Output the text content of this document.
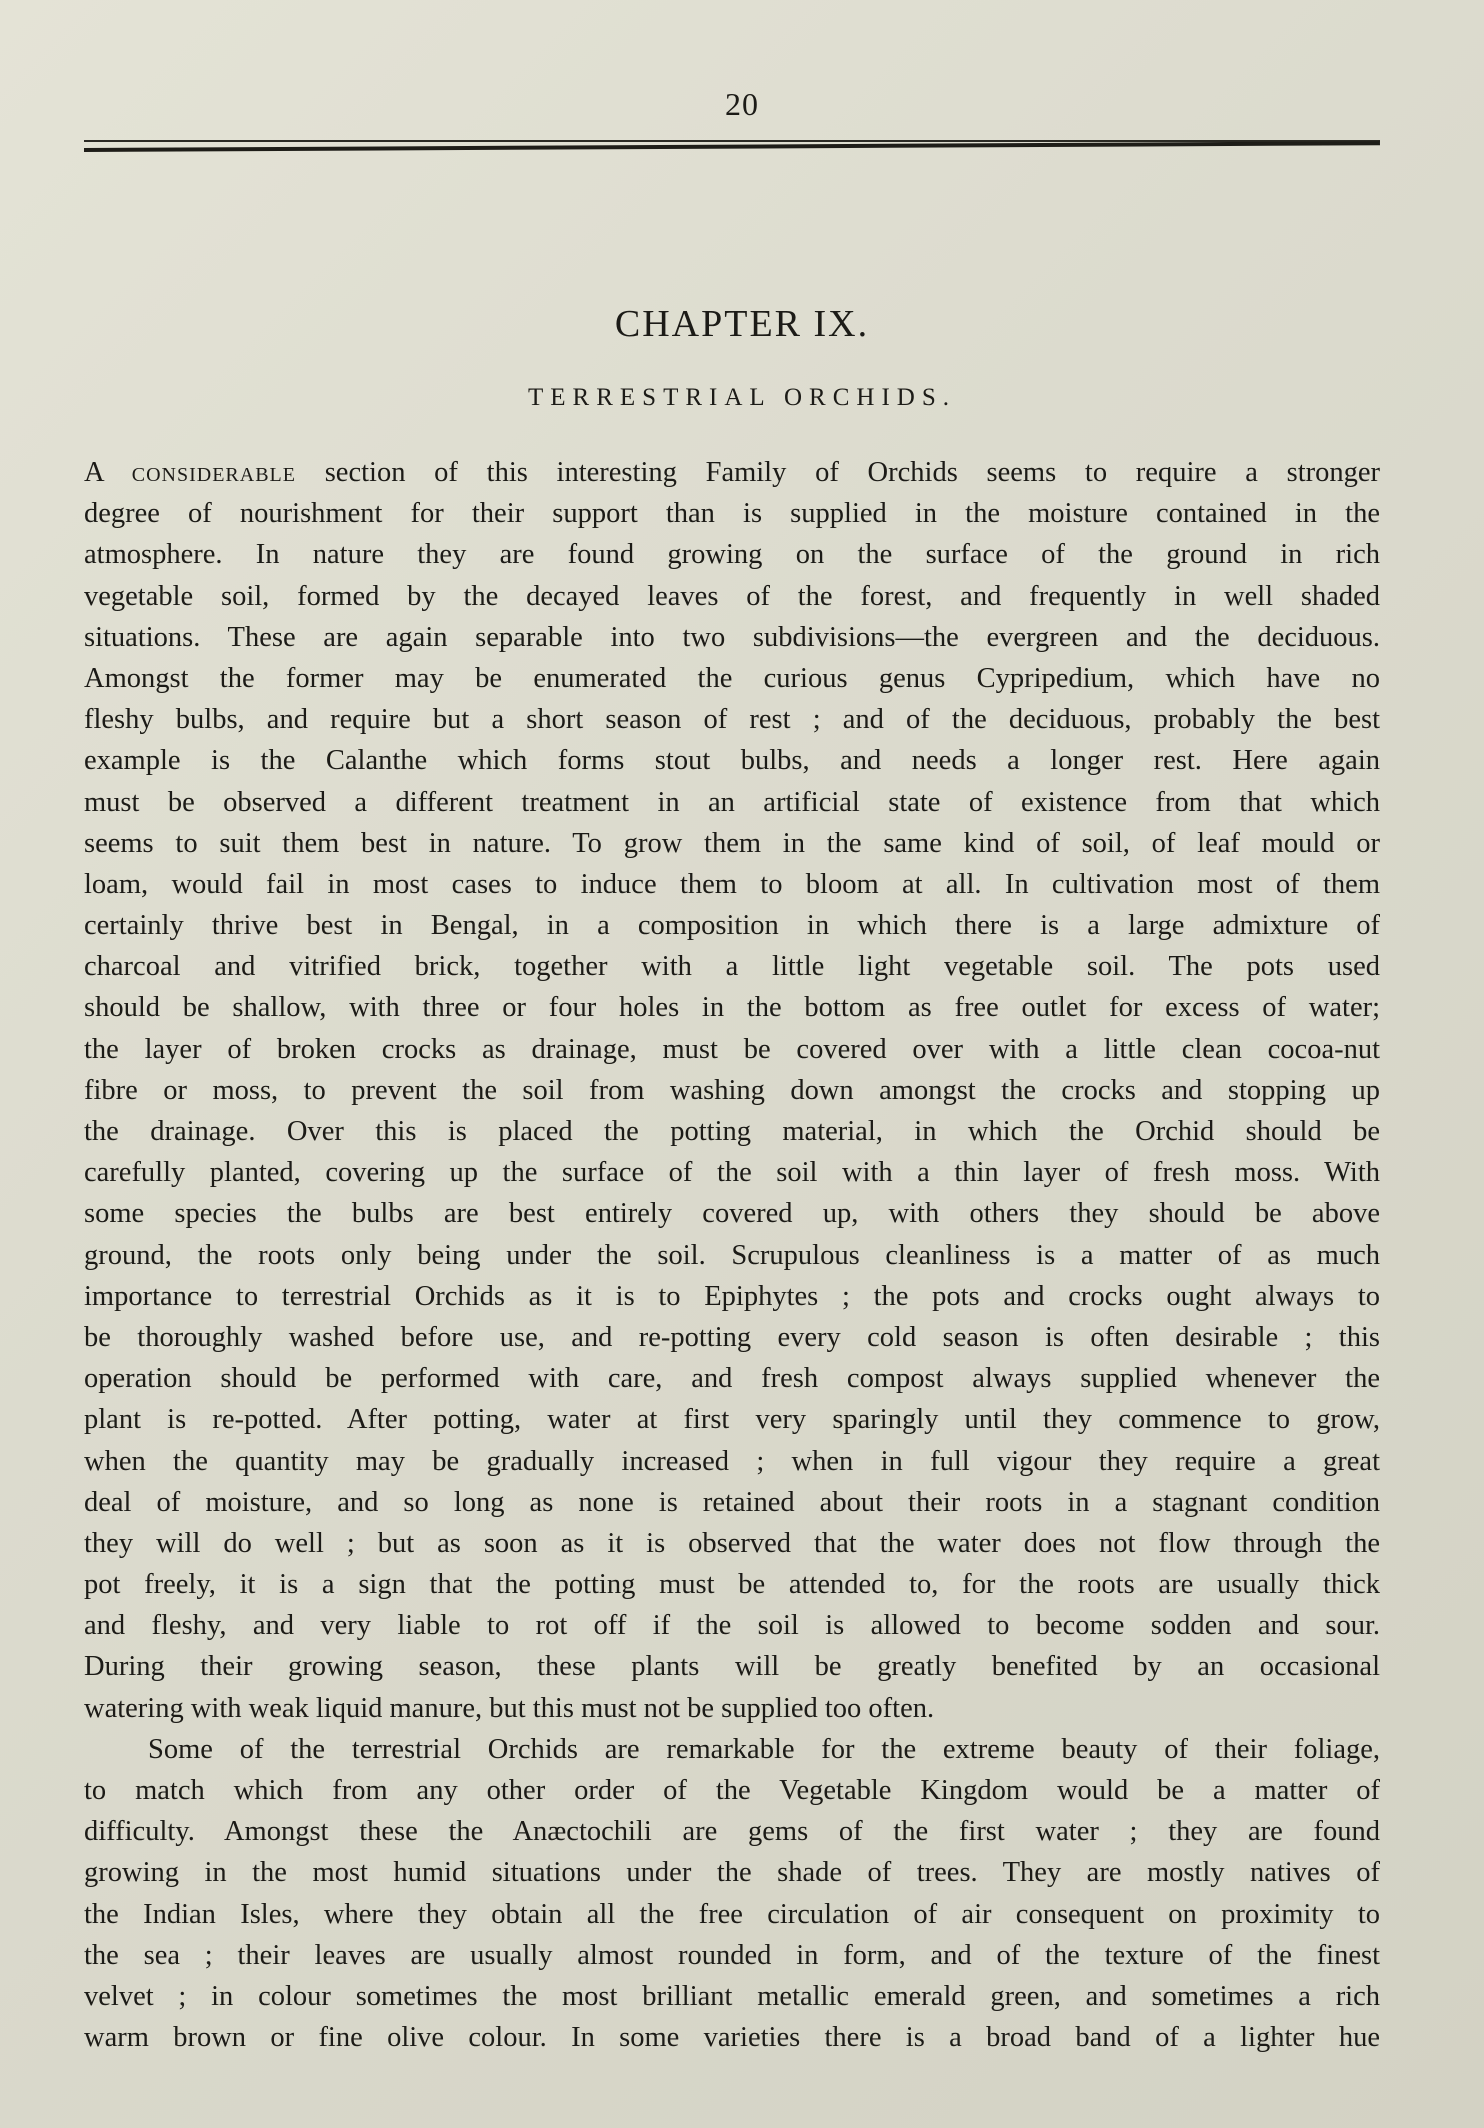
20
CHAPTER IX.
TERRESTRIAL ORCHIDS.
A considerable section of this interesting Family of Orchids seems to require a stronger
degree of nourishment for their support than is supplied in the moisture contained in the
atmosphere. In nature they are found growing on the surface of the ground in rich
vegetable soil, formed by the decayed leaves of the forest, and frequently in well shaded
situations. These are again separable into two subdivisions—the evergreen and the deciduous.
Amongst the former may be enumerated the curious genus Cypripedium, which have no
fleshy bulbs, and require but a short season of rest ; and of the deciduous, probably the best
example is the Calanthe which forms stout bulbs, and needs a longer rest. Here again
must be observed a different treatment in an artificial state of existence from that which
seems to suit them best in nature. To grow them in the same kind of soil, of leaf mould or
loam, would fail in most cases to induce them to bloom at all. In cultivation most of them
certainly thrive best in Bengal, in a composition in which there is a large admixture of
charcoal and vitrified brick, together with a little light vegetable soil. The pots used
should be shallow, with three or four holes in the bottom as free outlet for excess of water;
the layer of broken crocks as drainage, must be covered over with a little clean cocoa-nut
fibre or moss, to prevent the soil from washing down amongst the crocks and stopping up
the drainage. Over this is placed the potting material, in which the Orchid should be
carefully planted, covering up the surface of the soil with a thin layer of fresh moss. With
some species the bulbs are best entirely covered up, with others they should be above
ground, the roots only being under the soil. Scrupulous cleanliness is a matter of as much
importance to terrestrial Orchids as it is to Epiphytes ; the pots and crocks ought always to
be thoroughly washed before use, and re-potting every cold season is often desirable ; this
operation should be performed with care, and fresh compost always supplied whenever the
plant is re-potted. After potting, water at first very sparingly until they commence to grow,
when the quantity may be gradually increased ; when in full vigour they require a great
deal of moisture, and so long as none is retained about their roots in a stagnant condition
they will do well ; but as soon as it is observed that the water does not flow through the
pot freely, it is a sign that the potting must be attended to, for the roots are usually thick
and fleshy, and very liable to rot off if the soil is allowed to become sodden and sour.
During their growing season, these plants will be greatly benefited by an occasional
watering with weak liquid manure, but this must not be supplied too often.
Some of the terrestrial Orchids are remarkable for the extreme beauty of their foliage,
to match which from any other order of the Vegetable Kingdom would be a matter of
difficulty. Amongst these the Anæctochili are gems of the first water ; they are found
growing in the most humid situations under the shade of trees. They are mostly natives of
the Indian Isles, where they obtain all the free circulation of air consequent on proximity to
the sea ; their leaves are usually almost rounded in form, and of the texture of the finest
velvet ; in colour sometimes the most brilliant metallic emerald green, and sometimes a rich
warm brown or fine olive colour. In some varieties there is a broad band of a lighter hue
